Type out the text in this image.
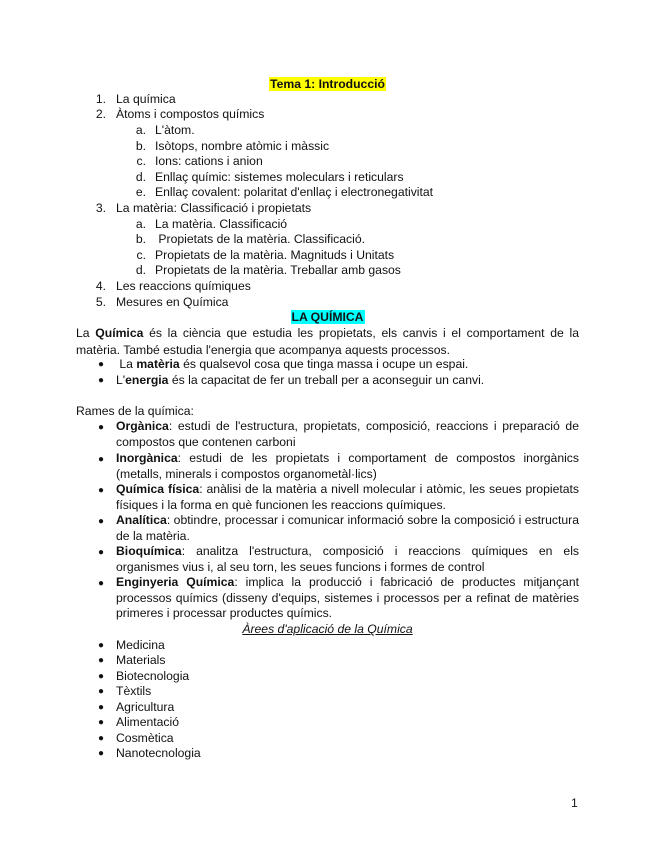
Tema 1: Introducció
1. La química
2. Àtoms i compostos químics
a. L'àtom.
b. Isòtops, nombre atòmic i màssic
c. Ions: cations i anion
d. Enllaç químic: sistemes moleculars i reticulars
e. Enllaç covalent: polaritat d'enllaç i electronegativitat
3. La matèria: Classificació i propietats
a. La matèria. Classificació
b. Propietats de la matèria. Classificació.
c. Propietats de la matèria. Magnituds i Unitats
d. Propietats de la matèria. Treballar amb gasos
4. Les reaccions químiques
5. Mesures en Química
LA QUÍMICA
La Química és la ciència que estudia les propietats, els canvis i el comportament de la matèria. També estudia l'energia que acompanya aquests processos.
● La matèria és qualsevol cosa que tinga massa i ocupe un espai.
● L'energia és la capacitat de fer un treball per a aconseguir un canvi.
Rames de la química:
● Orgànica: estudi de l'estructura, propietats, composició, reaccions i preparació de compostos que contenen carboni
● Inorgànica: estudi de les propietats i comportament de compostos inorgànics (metalls, minerals i compostos organometàl·lics)
● Química física: anàlisi de la matèria a nivell molecular i atòmic, les seues propietats físiques i la forma en què funcionen les reaccions químiques.
● Analítica: obtindre, processar i comunicar informació sobre la composició i estructura de la matèria.
● Bioquímica: analitza l'estructura, composició i reaccions químiques en els organismes vius i, al seu torn, les seues funcions i formes de control
● Enginyeria Química: implica la producció i fabricació de productes mitjançant processos químics (disseny d'equips, sistemes i processos per a refinat de matèries primeres i processar productes químics.
Àrees d'aplicació de la Química
● Medicina
● Materials
● Biotecnologia
● Tèxtils
● Agricultura
● Alimentació
● Cosmètica
● Nanotecnologia
1
